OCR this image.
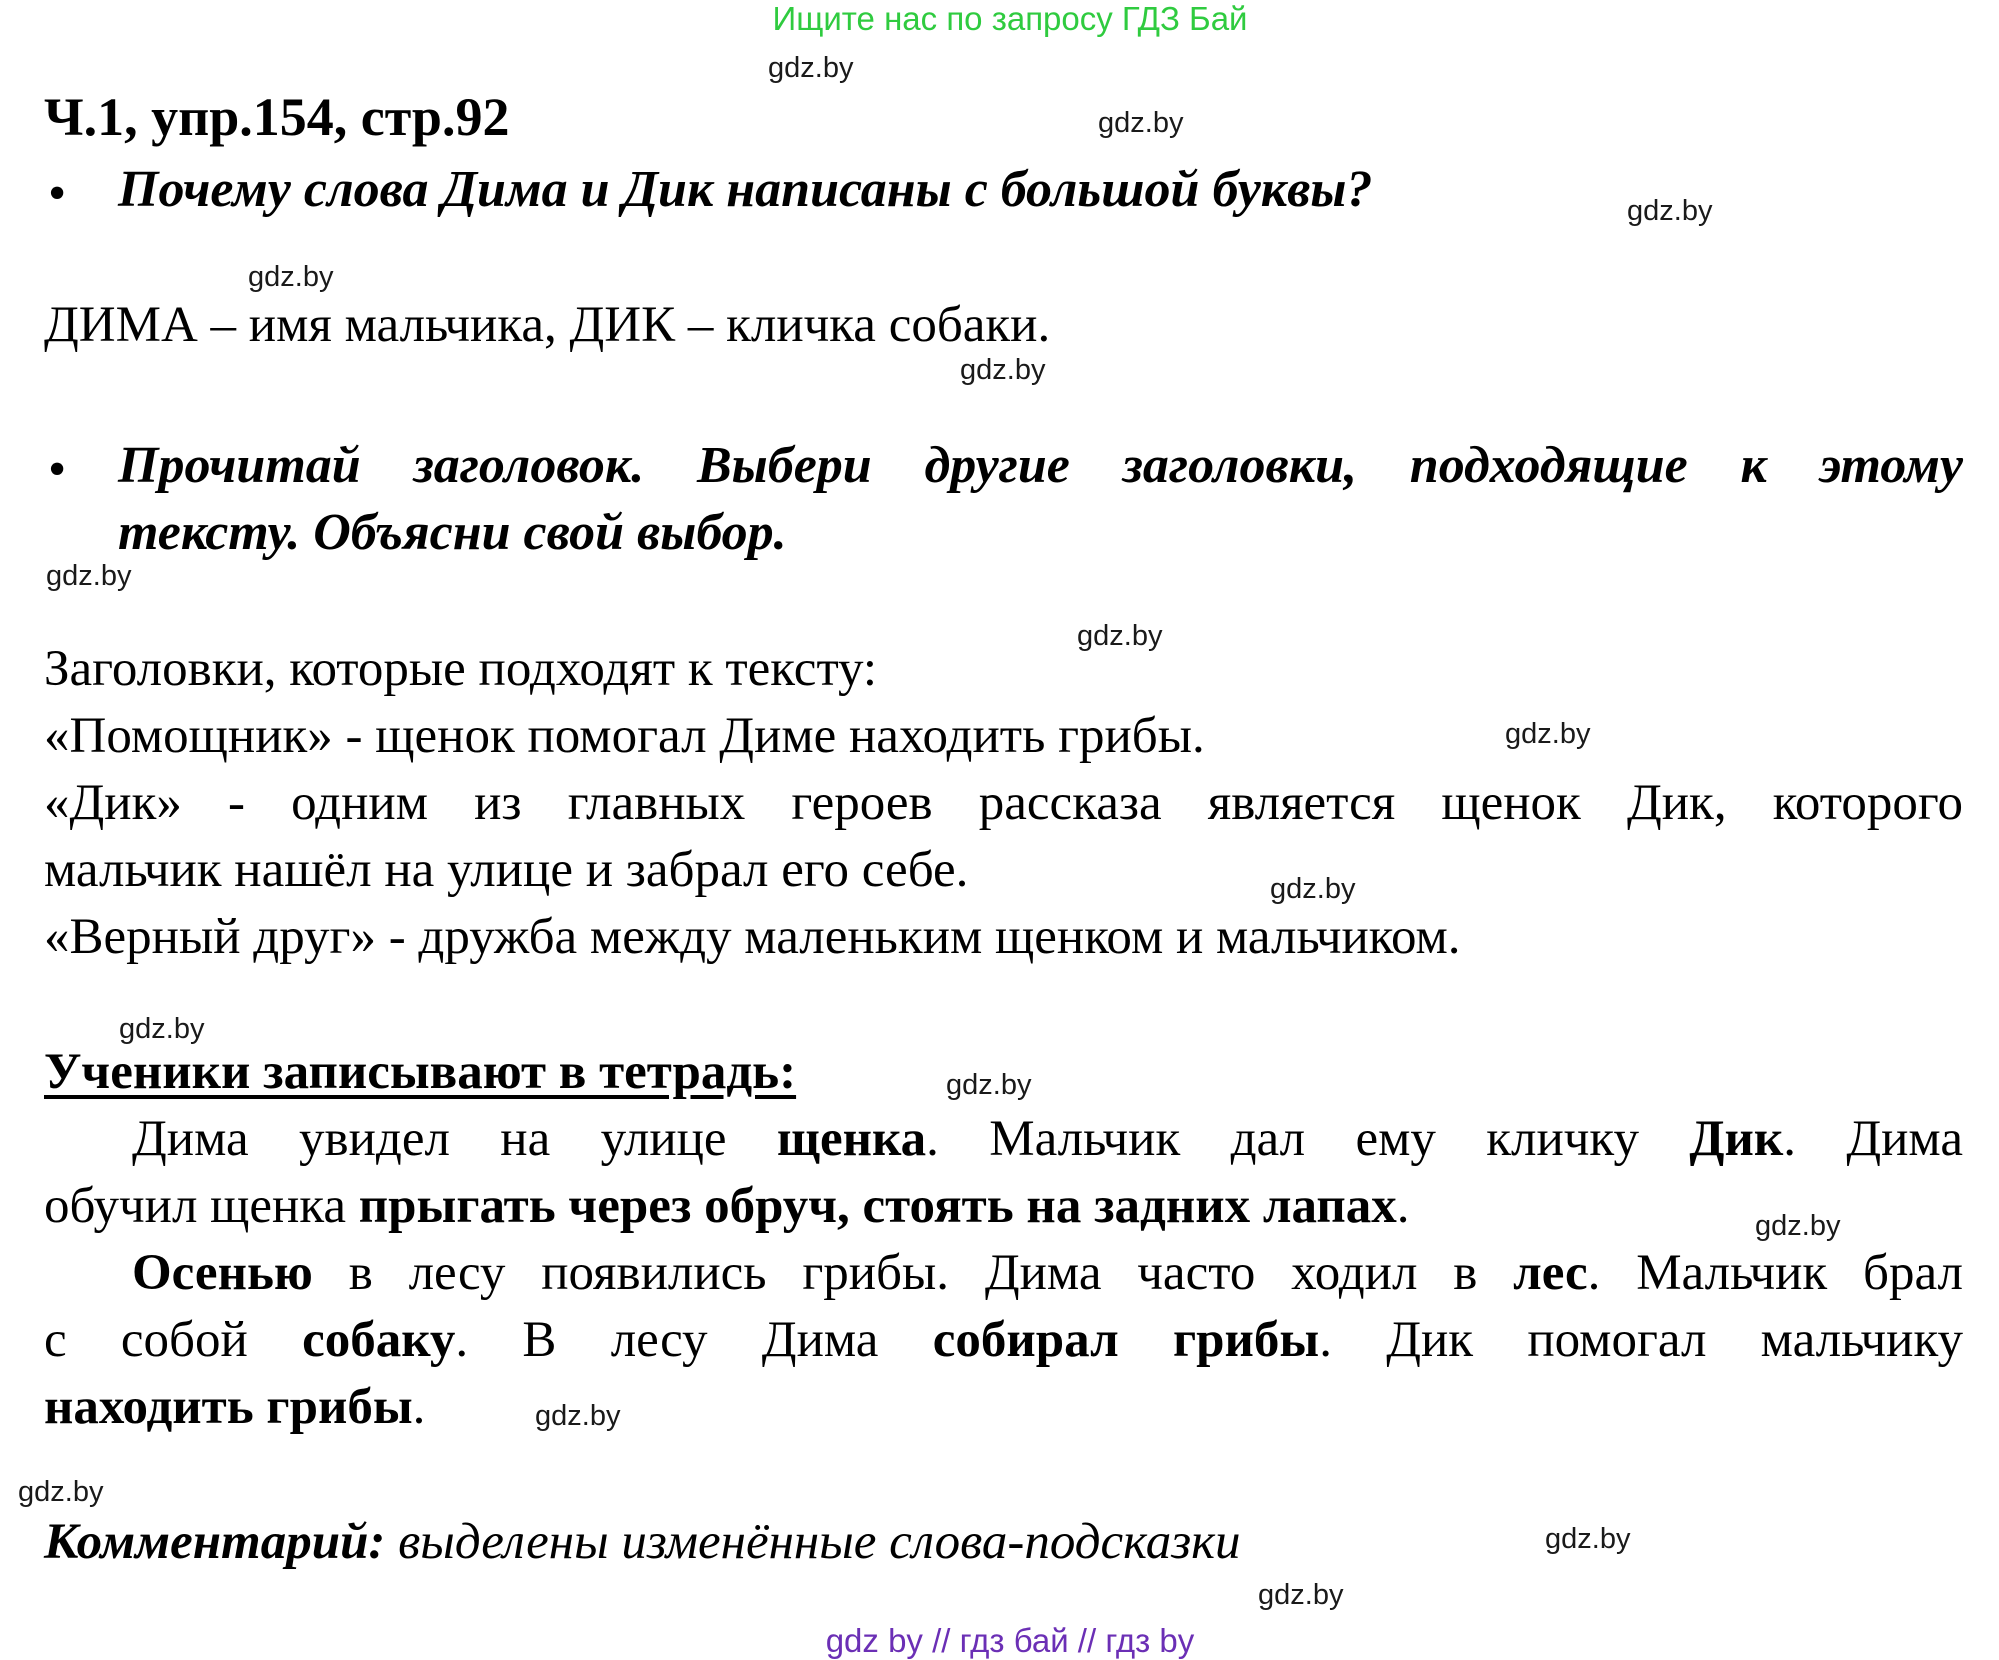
Ищите нас по запросу ГДЗ Бай
Ч.1, упр.154, стр.92
• Почему слова Дима и Дик написаны с большой буквы?
ДИМА – имя мальчика, ДИК – кличка собаки.
• Прочитай заголовок. Выбери другие заголовки, подходящие к этому
тексту. Объясни свой выбор.
Заголовки, которые подходят к тексту:
«Помощник» - щенок помогал Диме находить грибы.
«Дик» - одним из главных героев рассказа является щенок Дик, которого
мальчик нашёл на улице и забрал его себе.
«Верный друг» - дружба между маленьким щенком и мальчиком.
Ученики записывают в тетрадь:
Дима увидел на улице щенка. Мальчик дал ему кличку Дик. Дима
обучил щенка прыгать через обруч, стоять на задних лапах.
Осенью в лесу появились грибы. Дима часто ходил в лес. Мальчик брал
с собой собаку. В лесу Дима собирал грибы. Дик помогал мальчику
находить грибы.
Комментарий: выделены изменённые слова-подсказки
gdz.by
gdz.by
gdz.by
gdz.by
gdz.by
gdz.by
gdz.by
gdz.by
gdz.by
gdz.by
gdz.by
gdz.by
gdz.by
gdz.by
gdz.by
gdz.by
gdz by // гдз бай // гдз by
